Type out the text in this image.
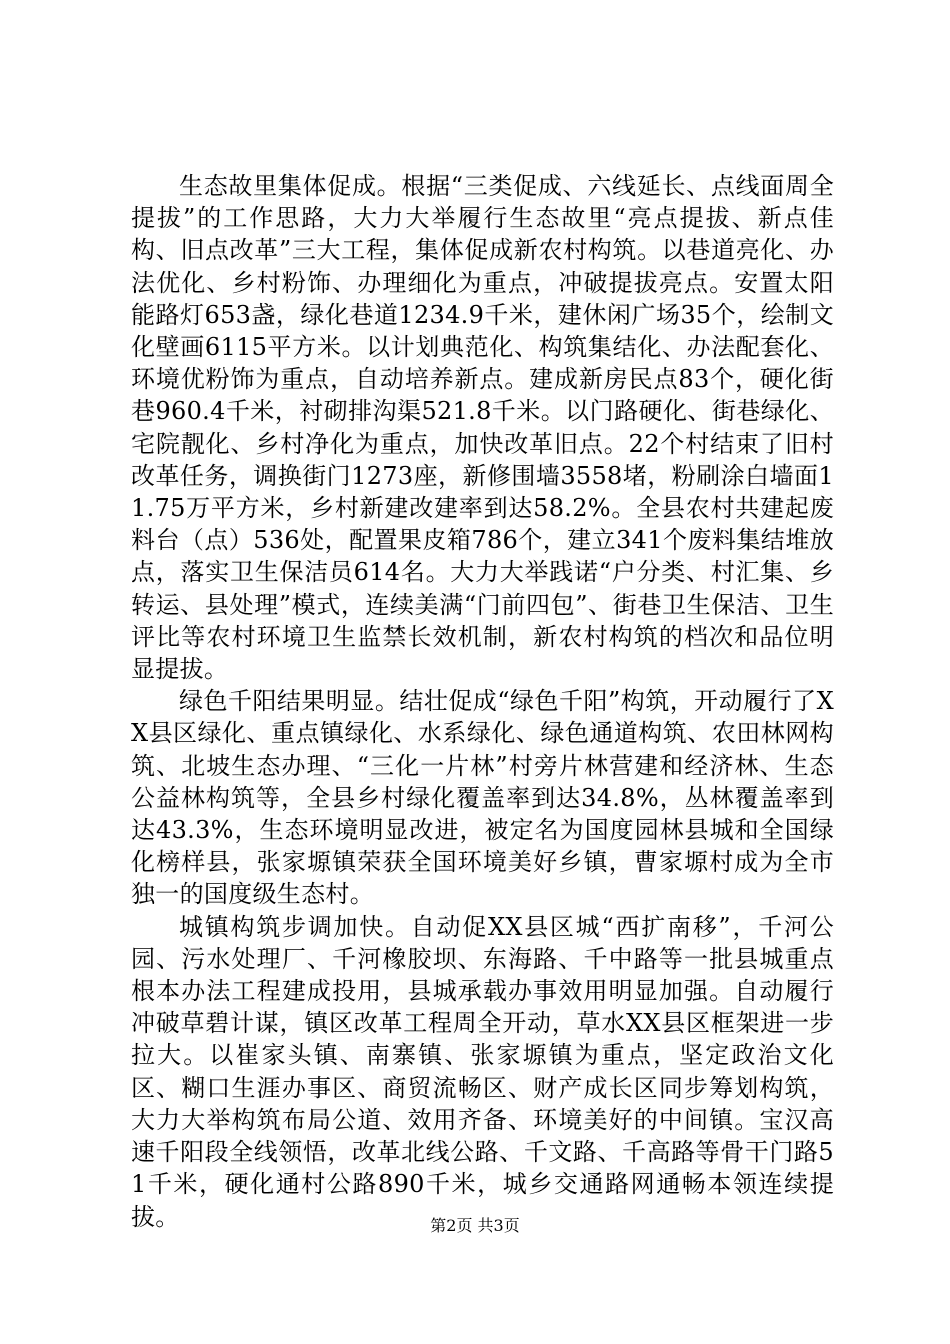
生态故里集体促成。根据“三类促成、六线延长、点线面周全提拔”的工作思路，大力大举履行生态故里“亮点提拔、新点佳构、旧点改革”三大工程，集体促成新农村构筑。以巷道亮化、办法优化、乡村粉饰、办理细化为重点，冲破提拔亮点。安置太阳能路灯653盏，绿化巷道1234.9千米，建休闲广场35个，绘制文化壁画6115平方米。以计划典范化、构筑集结化、办法配套化、环境优粉饰为重点，自动培养新点。建成新房民点83个，硬化街巷960.4千米，衬砌排沟渠521.8千米。以门路硬化、街巷绿化、宅院靓化、乡村净化为重点，加快改革旧点。22个村结束了旧村改革任务，调换街门1273座，新修围墙3558堵，粉刷涂白墙面11.75万平方米，乡村新建改建率到达58.2%。全县农村共建起废料台（点）536处，配置果皮箱786个，建立341个废料集结堆放点，落实卫生保洁员614名。大力大举践诺“户分类、村汇集、乡转运、县处理”模式，连续美满“门前四包”、街巷卫生保洁、卫生评比等农村环境卫生监禁长效机制，新农村构筑的档次和品位明显提拔。

绿色千阳结果明显。结壮促成“绿色千阳”构筑，开动履行了XX县区绿化、重点镇绿化、水系绿化、绿色通道构筑、农田林网构筑、北坡生态办理、“三化一片林”村旁片林营建和经济林、生态公益林构筑等，全县乡村绿化覆盖率到达34.8%，丛林覆盖率到达43.3%，生态环境明显改进，被定名为国度园林县城和全国绿化榜样县，张家塬镇荣获全国环境美好乡镇，曹家塬村成为全市独一的国度级生态村。

城镇构筑步调加快。自动促XX县区城“西扩南移”，千河公园、污水处理厂、千河橡胶坝、东海路、千中路等一批县城重点根本办法工程建成投用，县城承载办事效用明显加强。自动履行冲破草碧计谋，镇区改革工程周全开动，草水XX县区框架进一步拉大。以崔家头镇、南寨镇、张家塬镇为重点，坚定政治文化区、糊口生涯办事区、商贸流畅区、财产成长区同步筹划构筑，大力大举构筑布局公道、效用齐备、环境美好的中间镇。宝汉高速千阳段全线领悟，改革北线公路、千文路、千高路等骨干门路51千米，硬化通村公路890千米，城乡交通路网通畅本领连续提拔。	第2页 共3页
